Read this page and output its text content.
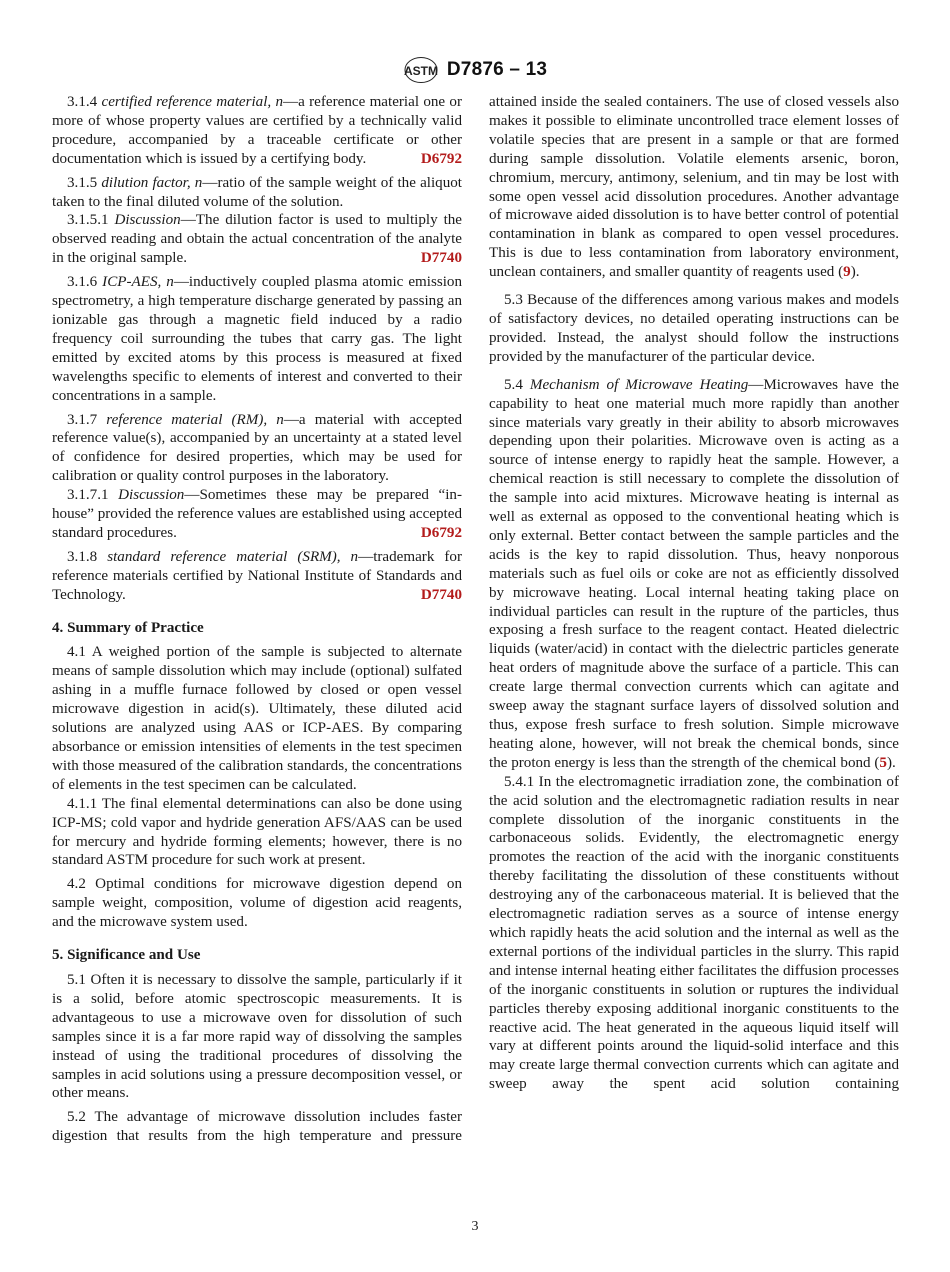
ASTM D7876 – 13

3.1.4 certified reference material, n—a reference material one or more of whose property values are certified by a technically valid procedure, accompanied by a traceable certificate or other documentation which is issued by a certifying body.	D6792

3.1.5 dilution factor, n—ratio of the sample weight of the aliquot taken to the final diluted volume of the solution.

3.1.5.1 Discussion—The dilution factor is used to multiply the observed reading and obtain the actual concentration of the analyte in the original sample.	D7740

3.1.6 ICP-AES, n—inductively coupled plasma atomic emission spectrometry, a high temperature discharge generated by passing an ionizable gas through a magnetic field induced by a radio frequency coil surrounding the tubes that carry gas. The light emitted by excited atoms by this process is measured at fixed wavelengths specific to elements of interest and converted to their concentrations in a sample.

3.1.7 reference material (RM), n—a material with accepted reference value(s), accompanied by an uncertainty at a stated level of confidence for desired properties, which may be used for calibration or quality control purposes in the laboratory.

3.1.7.1 Discussion—Sometimes these may be prepared “in-house” provided the reference values are established using accepted standard procedures.	D6792

3.1.8 standard reference material (SRM), n—trademark for reference materials certified by National Institute of Standards and Technology.	D7740

4. Summary of Practice

4.1 A weighed portion of the sample is subjected to alternate means of sample dissolution which may include (optional) sulfated ashing in a muffle furnace followed by closed or open vessel microwave digestion in acid(s). Ultimately, these diluted acid solutions are analyzed using AAS or ICP-AES. By comparing absorbance or emission intensities of elements in the test specimen with those measured of the calibration standards, the concentrations of elements in the test specimen can be calculated.

4.1.1 The final elemental determinations can also be done using ICP-MS; cold vapor and hydride generation AFS/AAS can be used for mercury and hydride forming elements; however, there is no standard ASTM procedure for such work at present.

4.2 Optimal conditions for microwave digestion depend on sample weight, composition, volume of digestion acid reagents, and the microwave system used.

5. Significance and Use

5.1 Often it is necessary to dissolve the sample, particularly if it is a solid, before atomic spectroscopic measurements. It is advantageous to use a microwave oven for dissolution of such samples since it is a far more rapid way of dissolving the samples instead of using the traditional procedures of dissolving the samples in acid solutions using a pressure decomposition vessel, or other means.

5.2 The advantage of microwave dissolution includes faster digestion that results from the high temperature and pressure

attained inside the sealed containers. The use of closed vessels also makes it possible to eliminate uncontrolled trace element losses of volatile species that are present in a sample or that are formed during sample dissolution. Volatile elements arsenic, boron, chromium, mercury, antimony, selenium, and tin may be lost with some open vessel acid dissolution procedures. Another advantage of microwave aided dissolution is to have better control of potential contamination in blank as compared to open vessel procedures. This is due to less contamination from laboratory environment, unclean containers, and smaller quantity of reagents used (9).

5.3 Because of the differences among various makes and models of satisfactory devices, no detailed operating instructions can be provided. Instead, the analyst should follow the instructions provided by the manufacturer of the particular device.

5.4 Mechanism of Microwave Heating—Microwaves have the capability to heat one material much more rapidly than another since materials vary greatly in their ability to absorb microwaves depending upon their polarities. Microwave oven is acting as a source of intense energy to rapidly heat the sample. However, a chemical reaction is still necessary to complete the dissolution of the sample into acid mixtures. Microwave heating is internal as well as external as opposed to the conventional heating which is only external. Better contact between the sample particles and the acids is the key to rapid dissolution. Thus, heavy nonporous materials such as fuel oils or coke are not as efficiently dissolved by microwave heating. Local internal heating taking place on individual particles can result in the rupture of the particles, thus exposing a fresh surface to the reagent contact. Heated dielectric liquids (water/acid) in contact with the dielectric particles generate heat orders of magnitude above the surface of a particle. This can create large thermal convection currents which can agitate and sweep away the stagnant surface layers of dissolved solution and thus, expose fresh surface to fresh solution. Simple microwave heating alone, however, will not break the chemical bonds, since the proton energy is less than the strength of the chemical bond (5).

5.4.1 In the electromagnetic irradiation zone, the combination of the acid solution and the electromagnetic radiation results in near complete dissolution of the inorganic constituents in the carbonaceous solids. Evidently, the electromagnetic energy promotes the reaction of the acid with the inorganic constituents thereby facilitating the dissolution of these constituents without destroying any of the carbonaceous material. It is believed that the electromagnetic radiation serves as a source of intense energy which rapidly heats the acid solution and the internal as well as the external portions of the individual particles in the slurry. This rapid and intense internal heating either facilitates the diffusion processes of the inorganic constituents in solution or ruptures the individual particles thereby exposing additional inorganic constituents to the reactive acid. The heat generated in the aqueous liquid itself will vary at different points around the liquid-solid interface and this may create large thermal convection currents which can agitate and sweep away the spent acid solution containing

3
